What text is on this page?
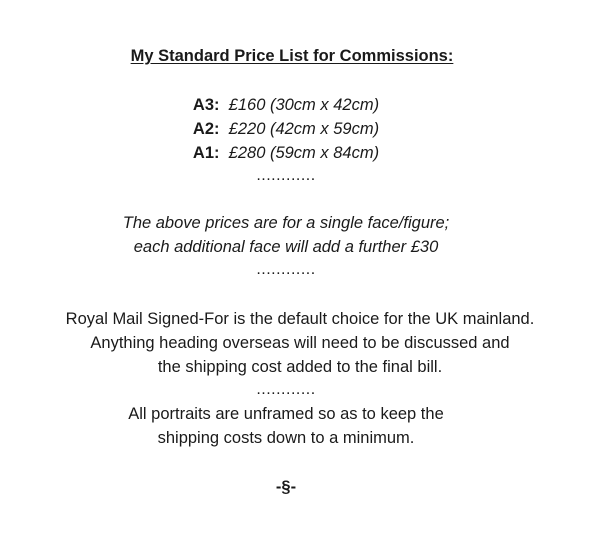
My Standard Price List for Commissions:
A3: £160 (30cm x 42cm)
A2: £220 (42cm x 59cm)
A1: £280 (59cm x 84cm)
............
The above prices are for a single face/figure;
each additional face will add a further £30
............
Royal Mail Signed-For is the default choice for the UK mainland.
Anything heading overseas will need to be discussed and
the shipping cost added to the final bill.
............
All portraits are unframed so as to keep the
shipping costs down to a minimum.
-§-
